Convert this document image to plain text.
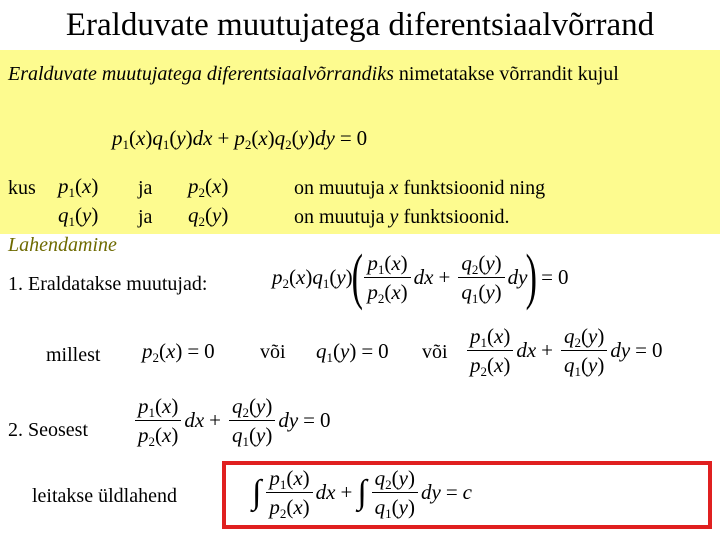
Eralduvate muutujatega diferentsiaalvõrrand
Eralduvate muutujatega diferentsiaalvõrrandiks nimetatakse võrrandit kujul
$p_1$ ( x ) $q_1$ ( y ) dx + $p_2$ ( x ) $q_2$ ( y ) dy = 0
kus $p_1$ ( x ) ja $p_2$ ( x )	on muutuja x funktsioonid ning
$q_1$ ( y ) ja $q_2$ ( y )	on muutuja y funktsioonid.
Lahendamine
1. Eraldatakse muutujad:	$p_2$ ( x ) $q_1$ ( y )
( $\frac{p_1(x)}{p_2(x)}$ dx + $\frac{q_2(y)}{q_1(y)}$ dy
) = 0
millest $p_2$ ( x ) = 0 või $q_1$ ( y ) = 0 või $\frac{p_1(x)}{p_2(x)}$ dx + $\frac{q_2(y)}{q_1(y)}$ dy = 0
2. Seosest $\frac{p_1(x)}{p_2(x)}$ dx + $\frac{q_2(y)}{q_1(y)}$ dy = 0
leitakse üldlahend ∫ $\frac{p_1(x)}{p_2(x)}$ dx + ∫ $\frac{q_2(y)}{q_1(y)}$ dy = c
